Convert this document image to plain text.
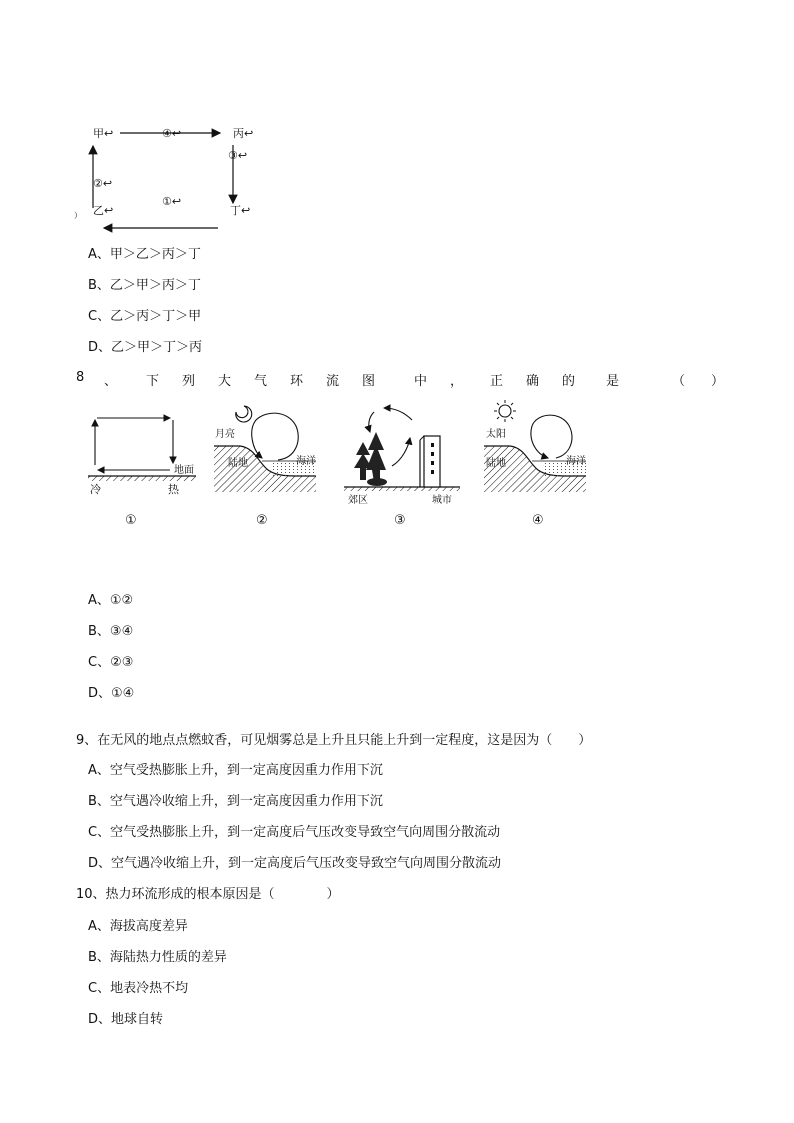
甲↩	④↩	丙↩
③↩
②↩
①↩
乙↩	丁↩
）
A、甲＞乙＞丙＞丁
B、乙＞甲＞丙＞丁
C、乙＞丙＞丁＞甲
D、乙＞甲＞丁＞丙
8 、 下 列 大 气 环 流 图	中 ， 正 确 的 是	（　　）
地面
冷	热
①
月亮
陆地	海洋
②
郊区	城市
③
太阳
陆地	海洋
④
A、①②
B、③④
C、②③
D、①④
9、在无风的地点点燃蚊香，可见烟雾总是上升且只能上升到一定程度，这是因为（　　）
A、空气受热膨胀上升，到一定高度因重力作用下沉
B、空气遇冷收缩上升，到一定高度因重力作用下沉
C、空气受热膨胀上升，到一定高度后气压改变导致空气向周围分散流动
D、空气遇冷收缩上升，到一定高度后气压改变导致空气向周围分散流动
10、热力环流形成的根本原因是（　　　　）
A、海拔高度差异
B、海陆热力性质的差异
C、地表冷热不均
D、地球自转
